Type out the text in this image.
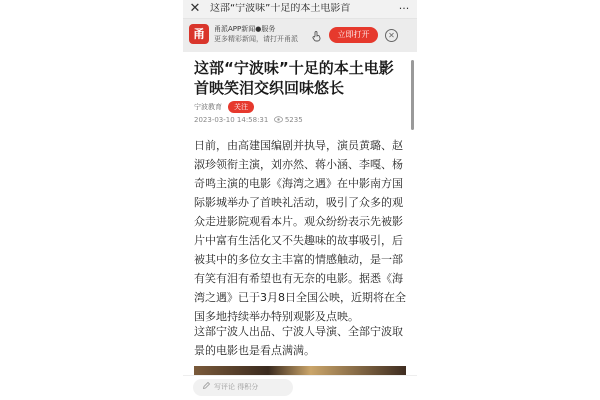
✕ 这部“宁波味”十足的本土电影首	···
甬	甬派APP新闻●服务
更多精彩新闻，请打开甬派	立即打开	✕
这部“宁波味”十足的本土电影首映笑泪交织回味悠长
宁波教育	关注
2023-03-10 14:58:31 5235
日前，由高建国编剧并执导，演员黄璐、赵淑珍领衔主演，刘亦然、蒋小涵、李嘎、杨奇鸣主演的电影《海湾之遇》在中影南方国际影城举办了首映礼活动，吸引了众多的观众走进影院观看本片。观众纷纷表示先被影片中富有生活化又不失趣味的故事吸引，后被其中的多位女主丰富的情感触动，是一部有笑有泪有希望也有无奈的电影。据悉《海湾之遇》已于3月8日全国公映，近期将在全国多地持续举办特别观影及点映。
这部宁波人出品、宁波人导演、全部宁波取景的电影也是看点满满。
写评论 得积分
